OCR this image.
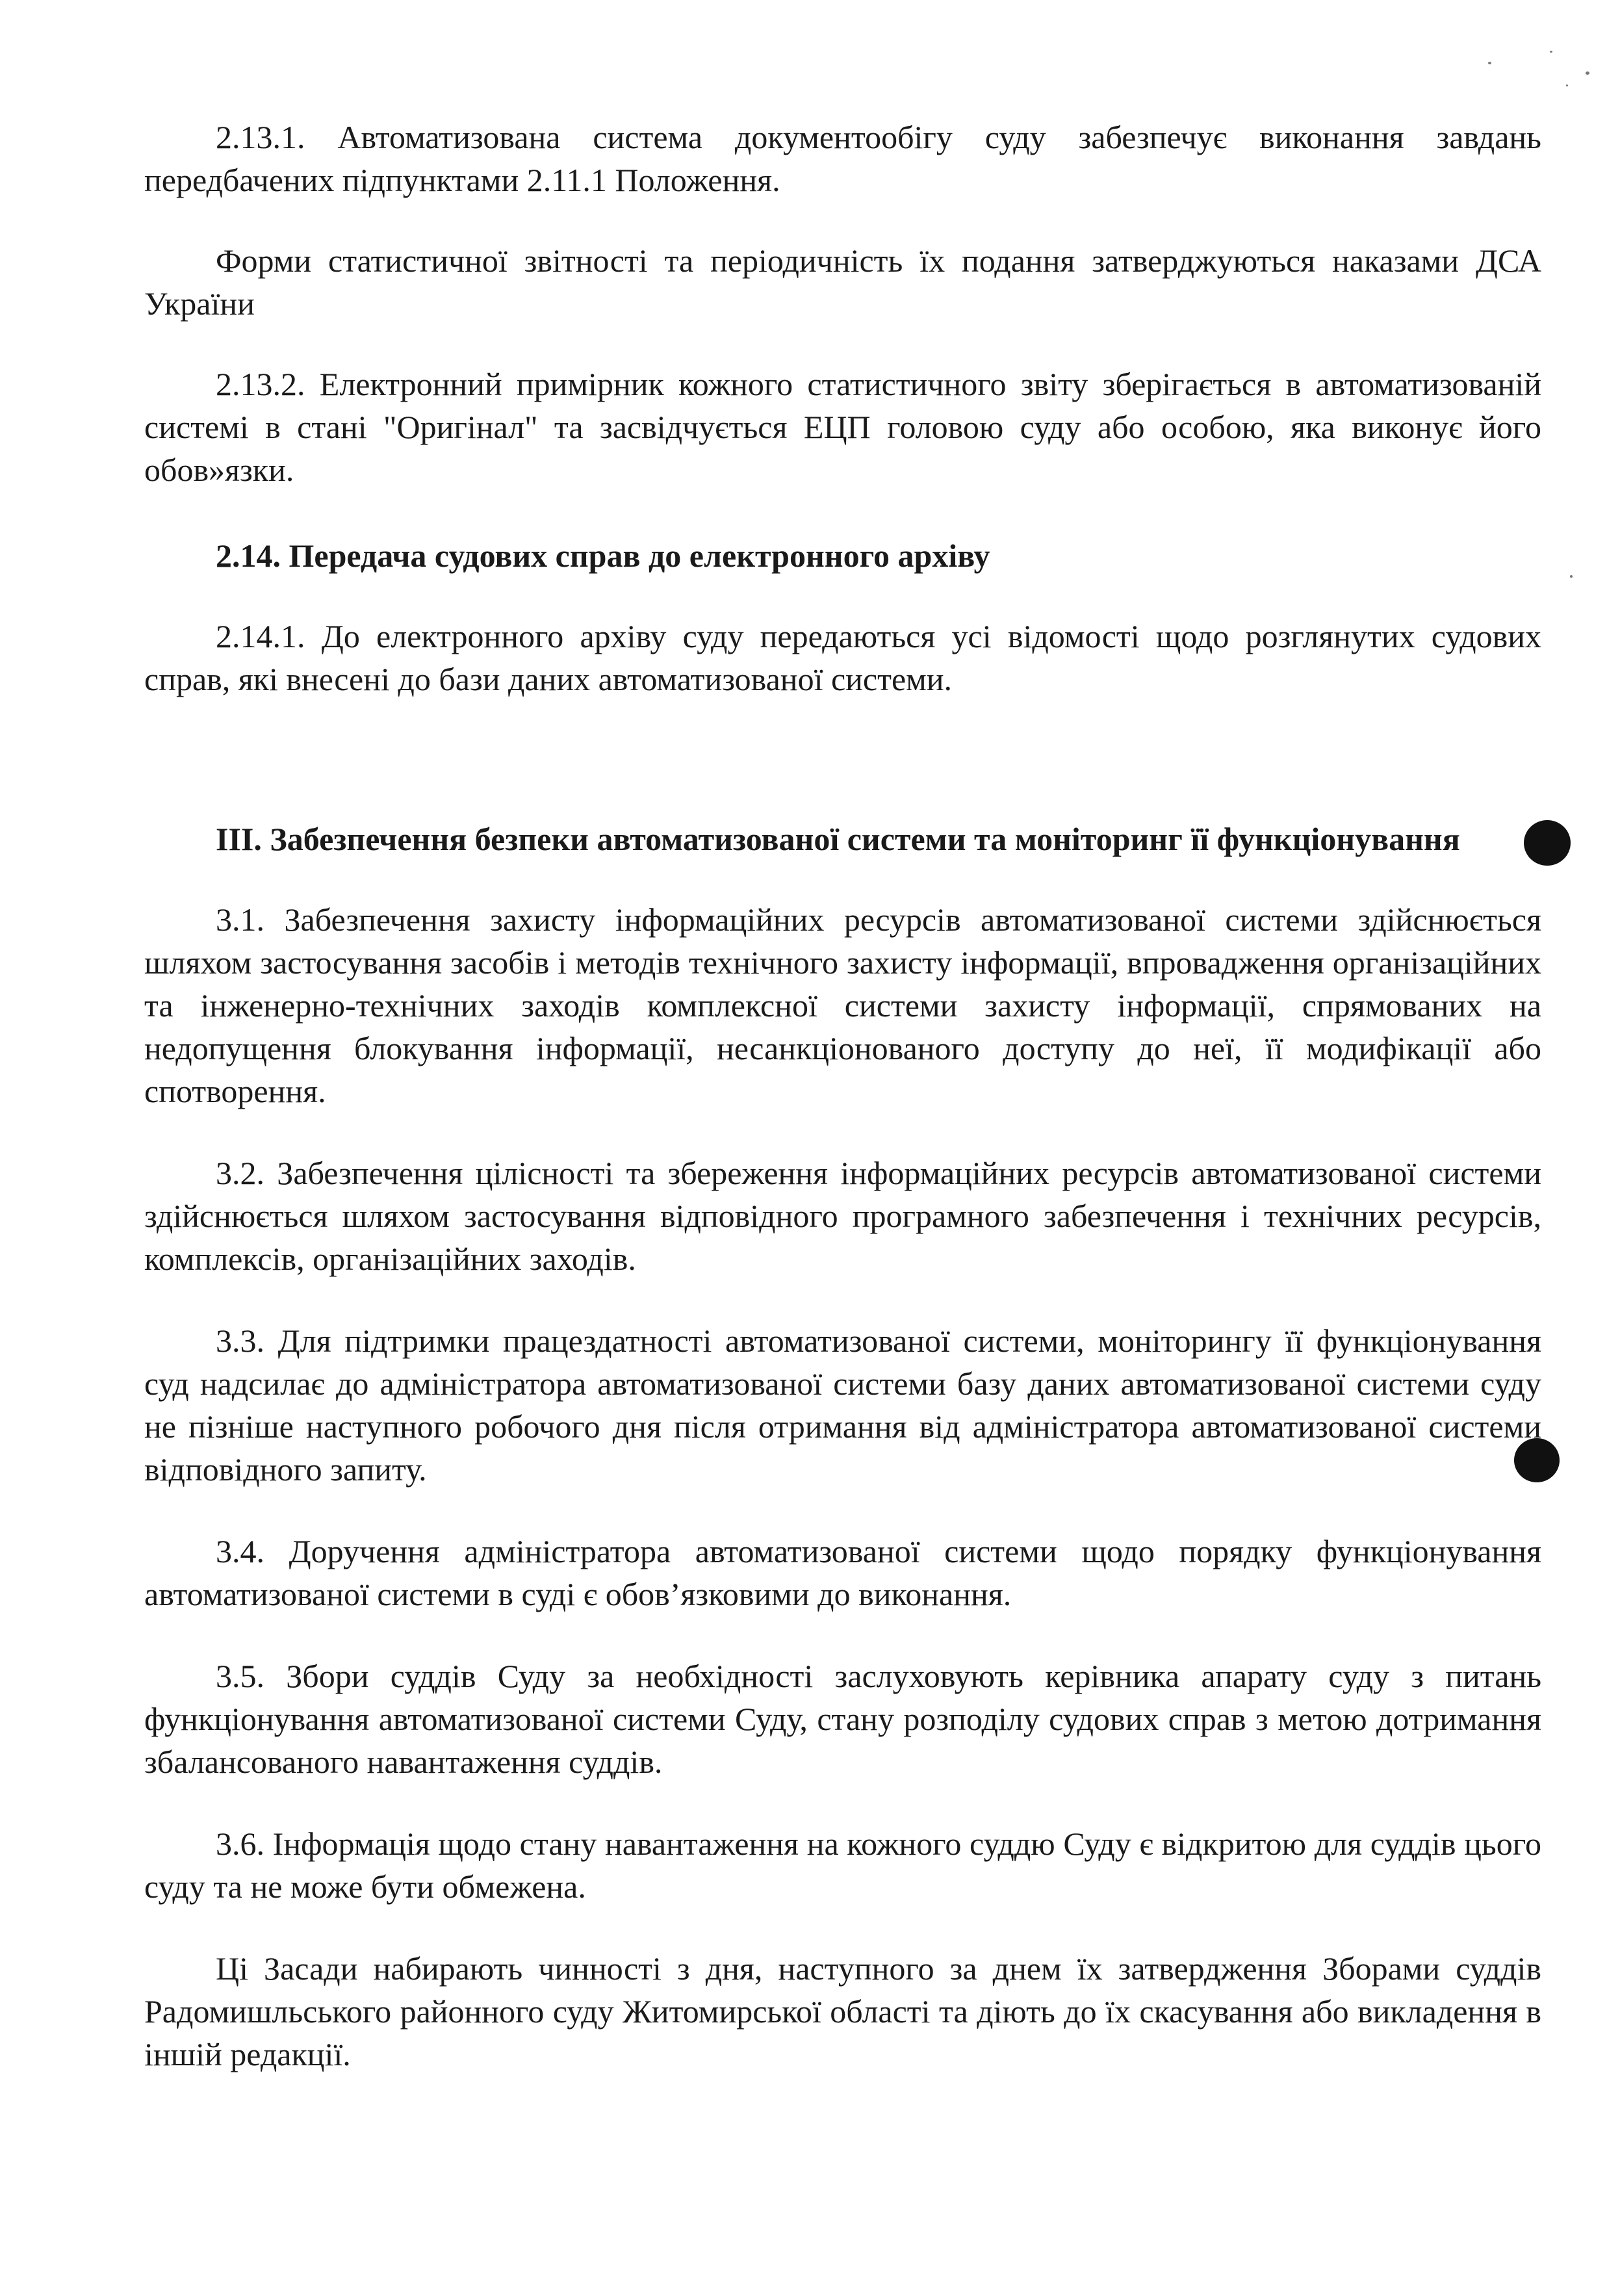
2.13.1. Автоматизована система документообігу суду забезпечує виконання завдань передбачених підпунктами 2.11.1 Положення.

Форми статистичної звітності та періодичність їх подання затверджуються наказами ДСА України

2.13.2. Електронний примірник кожного статистичного звіту зберігається в автоматизованій системі в стані "Оригінал" та засвідчується ЕЦП головою суду або особою, яка виконує його обов»язки.

2.14. Передача судових справ до електронного архіву

2.14.1. До електронного архіву суду передаються усі відомості щодо розглянутих судових справ, які внесені до бази даних автоматизованої системи.

III. Забезпечення безпеки автоматизованої системи та моніторинг її функціонування

3.1. Забезпечення захисту інформаційних ресурсів автоматизованої системи здійснюється шляхом застосування засобів і методів технічного захисту інформації, впровадження організаційних та інженерно-технічних заходів комплексної системи захисту інформації, спрямованих на недопущення блокування інформації, несанкціонованого доступу до неї, її модифікації або спотворення.

3.2. Забезпечення цілісності та збереження інформаційних ресурсів автоматизованої системи здійснюється шляхом застосування відповідного програмного забезпечення і технічних ресурсів, комплексів, організаційних заходів.

3.3. Для підтримки працездатності автоматизованої системи, моніторингу її функціонування суд надсилає до адміністратора автоматизованої системи базу даних автоматизованої системи суду не пізніше наступного робочого дня після отримання від адміністратора автоматизованої системи відповідного запиту.

3.4. Доручення адміністратора автоматизованої системи щодо порядку функціонування автоматизованої системи в суді є обов’язковими до виконання.

3.5. Збори суддів Суду за необхідності заслуховують керівника апарату суду з питань функціонування автоматизованої системи Суду, стану розподілу судових справ з метою дотримання збалансованого навантаження суддів.

3.6. Інформація щодо стану навантаження на кожного суддю Суду є відкритою для суддів цього суду та не може бути обмежена.

Ці Засади набирають чинності з дня, наступного за днем їх затвердження Зборами суддів Радомишльського районного суду Житомирської області та діють до їх скасування або викладення в іншій редакції.
